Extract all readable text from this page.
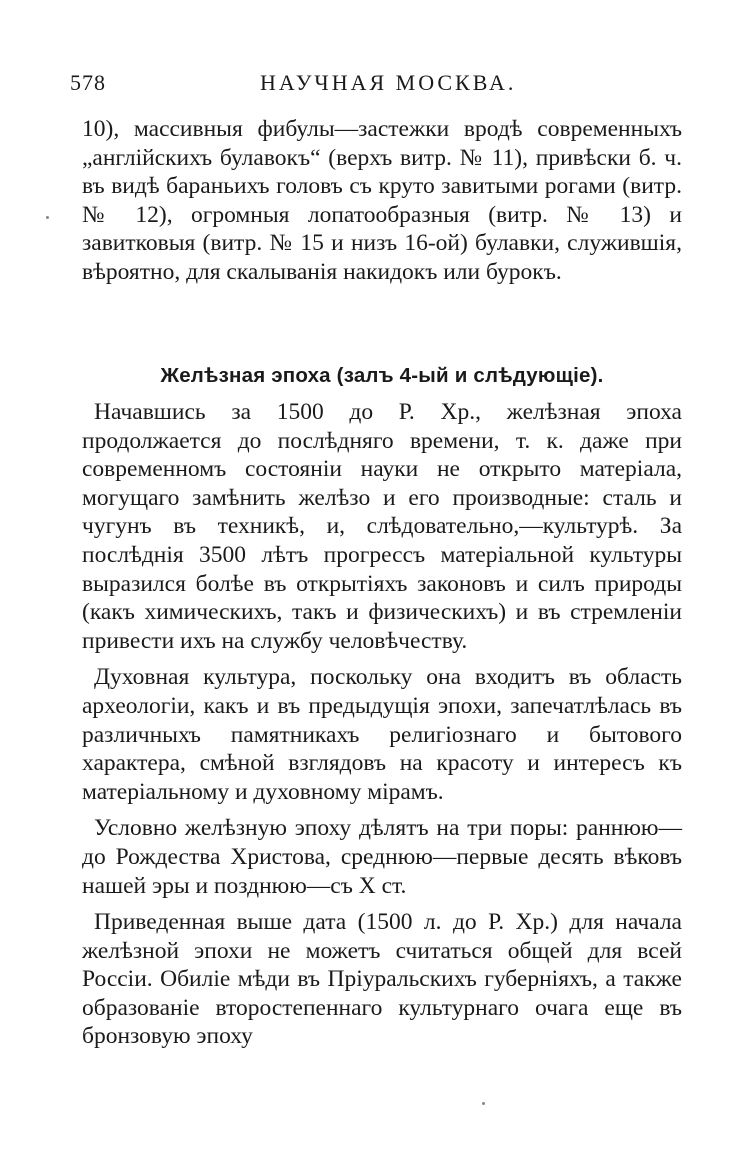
578	НАУЧНАЯ МОСКВА.

10), массивныя фибулы—застежки вродѣ современныхъ „англійскихъ булавокъ“ (верхъ витр. № 11), привѣски б. ч. въ видѣ бараньихъ головъ съ круто завитыми рогами (витр. № 12), огромныя лопатообразныя (витр. № 13) и завитковыя (витр. № 15 и низъ 16-ой) булавки, служившія, вѣроятно, для скалыванія накидокъ или бурокъ.

Желѣзная эпоха (залъ 4-ый и слѣдующіе).

Начавшись за 1500 до Р. Хр., желѣзная эпоха продолжается до послѣдняго времени, т. к. даже при современномъ состояніи науки не открыто матеріала, могущаго замѣнить желѣзо и его производные: сталь и чугунъ въ техникѣ, и, слѣдовательно,—культурѣ. За послѣднія 3500 лѣтъ прогрессъ матеріальной культуры выразился болѣе въ открытіяхъ законовъ и силъ природы (какъ химическихъ, такъ и физическихъ) и въ стремленіи привести ихъ на службу человѣчеству.

Духовная культура, поскольку она входитъ въ область археологіи, какъ и въ предыдущія эпохи, запечатлѣлась въ различныхъ памятникахъ религіознаго и бытового характера, смѣной взглядовъ на красоту и интересъ къ матеріальному и духовному мірамъ.

Условно желѣзную эпоху дѣлятъ на три поры: раннюю—до Рождества Христова, среднюю—первые десять вѣковъ нашей эры и позднюю—съ X ст.

Приведенная выше дата (1500 л. до Р. Хр.) для начала желѣзной эпохи не можетъ считаться общей для всей Россіи. Обиліе мѣди въ Пріуральскихъ губерніяхъ, а также образованіе второстепеннаго культурнаго очага еще въ бронзовую эпоху
